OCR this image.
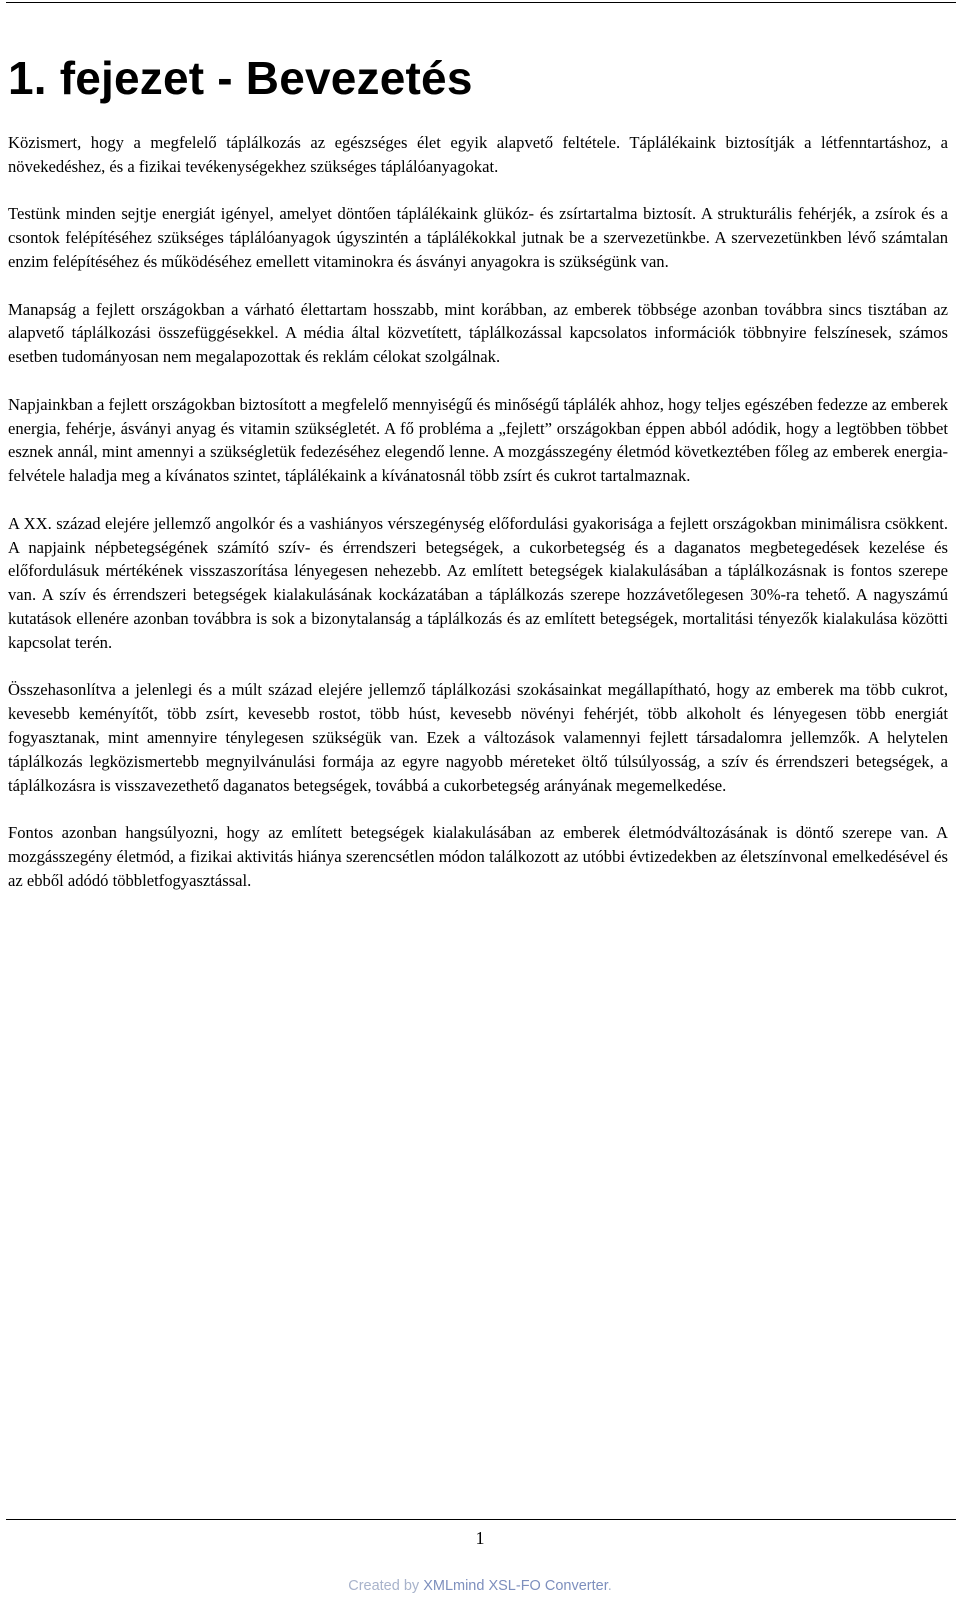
1. fejezet - Bevezetés

Közismert, hogy a megfelelő táplálkozás az egészséges élet egyik alapvető feltétele. Táplálékaink biztosítják a létfenntartáshoz, a növekedéshez, és a fizikai tevékenységekhez szükséges táplálóanyagokat.

Testünk minden sejtje energiát igényel, amelyet döntően táplálékaink glükóz- és zsírtartalma biztosít. A strukturális fehérjék, a zsírok és a csontok felépítéséhez szükséges táplálóanyagok úgyszintén a táplálékokkal jutnak be a szervezetünkbe. A szervezetünkben lévő számtalan enzim felépítéséhez és működéséhez emellett vitaminokra és ásványi anyagokra is szükségünk van.

Manapság a fejlett országokban a várható élettartam hosszabb, mint korábban, az emberek többsége azonban továbbra sincs tisztában az alapvető táplálkozási összefüggésekkel. A média által közvetített, táplálkozással kapcsolatos információk többnyire felszínesek, számos esetben tudományosan nem megalapozottak és reklám célokat szolgálnak.

Napjainkban a fejlett országokban biztosított a megfelelő mennyiségű és minőségű táplálék ahhoz, hogy teljes egészében fedezze az emberek energia, fehérje, ásványi anyag és vitamin szükségletét. A fő probléma a „fejlett” országokban éppen abból adódik, hogy a legtöbben többet esznek annál, mint amennyi a szükségletük fedezéséhez elegendő lenne. A mozgásszegény életmód következtében főleg az emberek energia-felvétele haladja meg a kívánatos szintet, táplálékaink a kívánatosnál több zsírt és cukrot tartalmaznak.

A XX. század elejére jellemző angolkór és a vashiányos vérszegénység előfordulási gyakorisága a fejlett országokban minimálisra csökkent. A napjaink népbetegségének számító szív- és érrendszeri betegségek, a cukorbetegség és a daganatos megbetegedések kezelése és előfordulásuk mértékének visszaszorítása lényegesen nehezebb. Az említett betegségek kialakulásában a táplálkozásnak is fontos szerepe van. A szív és érrendszeri betegségek kialakulásának kockázatában a táplálkozás szerepe hozzávetőlegesen 30%-ra tehető. A nagyszámú kutatások ellenére azonban továbbra is sok a bizonytalanság a táplálkozás és az említett betegségek, mortalitási tényezők kialakulása közötti kapcsolat terén.

Összehasonlítva a jelenlegi és a múlt század elejére jellemző táplálkozási szokásainkat megállapítható, hogy az emberek ma több cukrot, kevesebb keményítőt, több zsírt, kevesebb rostot, több húst, kevesebb növényi fehérjét, több alkoholt és lényegesen több energiát fogyasztanak, mint amennyire ténylegesen szükségük van. Ezek a változások valamennyi fejlett társadalomra jellemzők. A helytelen táplálkozás legközismertebb megnyilvánulási formája az egyre nagyobb méreteket öltő túlsúlyosság, a szív és érrendszeri betegségek, a táplálkozásra is visszavezethető daganatos betegségek, továbbá a cukorbetegség arányának megemelkedése.

Fontos azonban hangsúlyozni, hogy az említett betegségek kialakulásában az emberek életmódváltozásának is döntő szerepe van. A mozgásszegény életmód, a fizikai aktivitás hiánya szerencsétlen módon találkozott az utóbbi évtizedekben az életszínvonal emelkedésével és az ebből adódó többletfogyasztással.

1
Created by XMLmind XSL-FO Converter.
